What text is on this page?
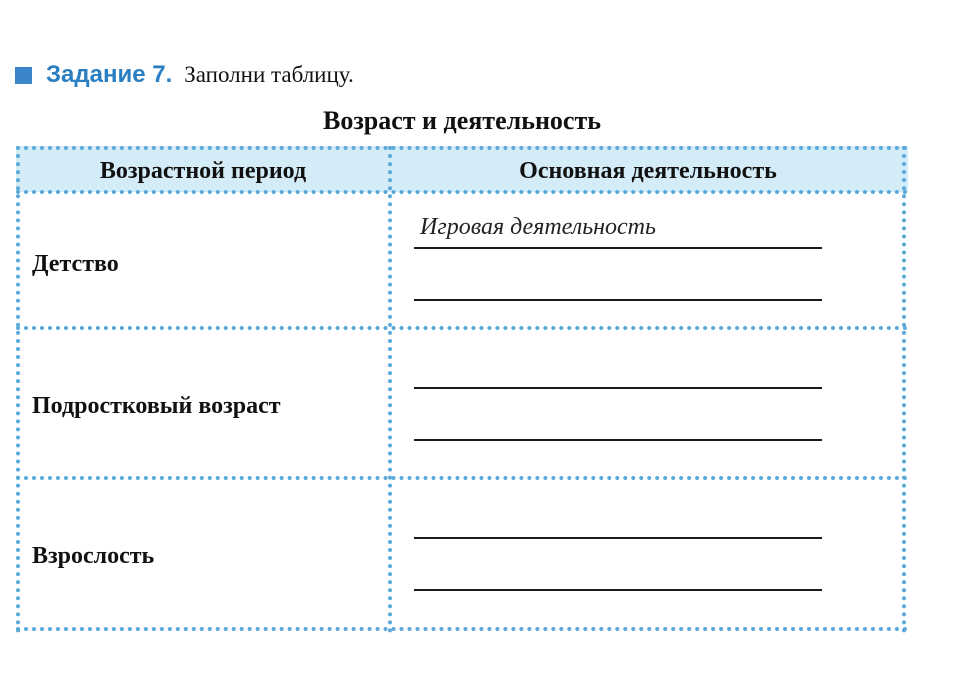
Задание 7. Заполни таблицу.
Возраст и деятельность
Возрастной период	Основная деятельность
Детство
Игровая деятельность
Подростковый возраст
Взрослость
